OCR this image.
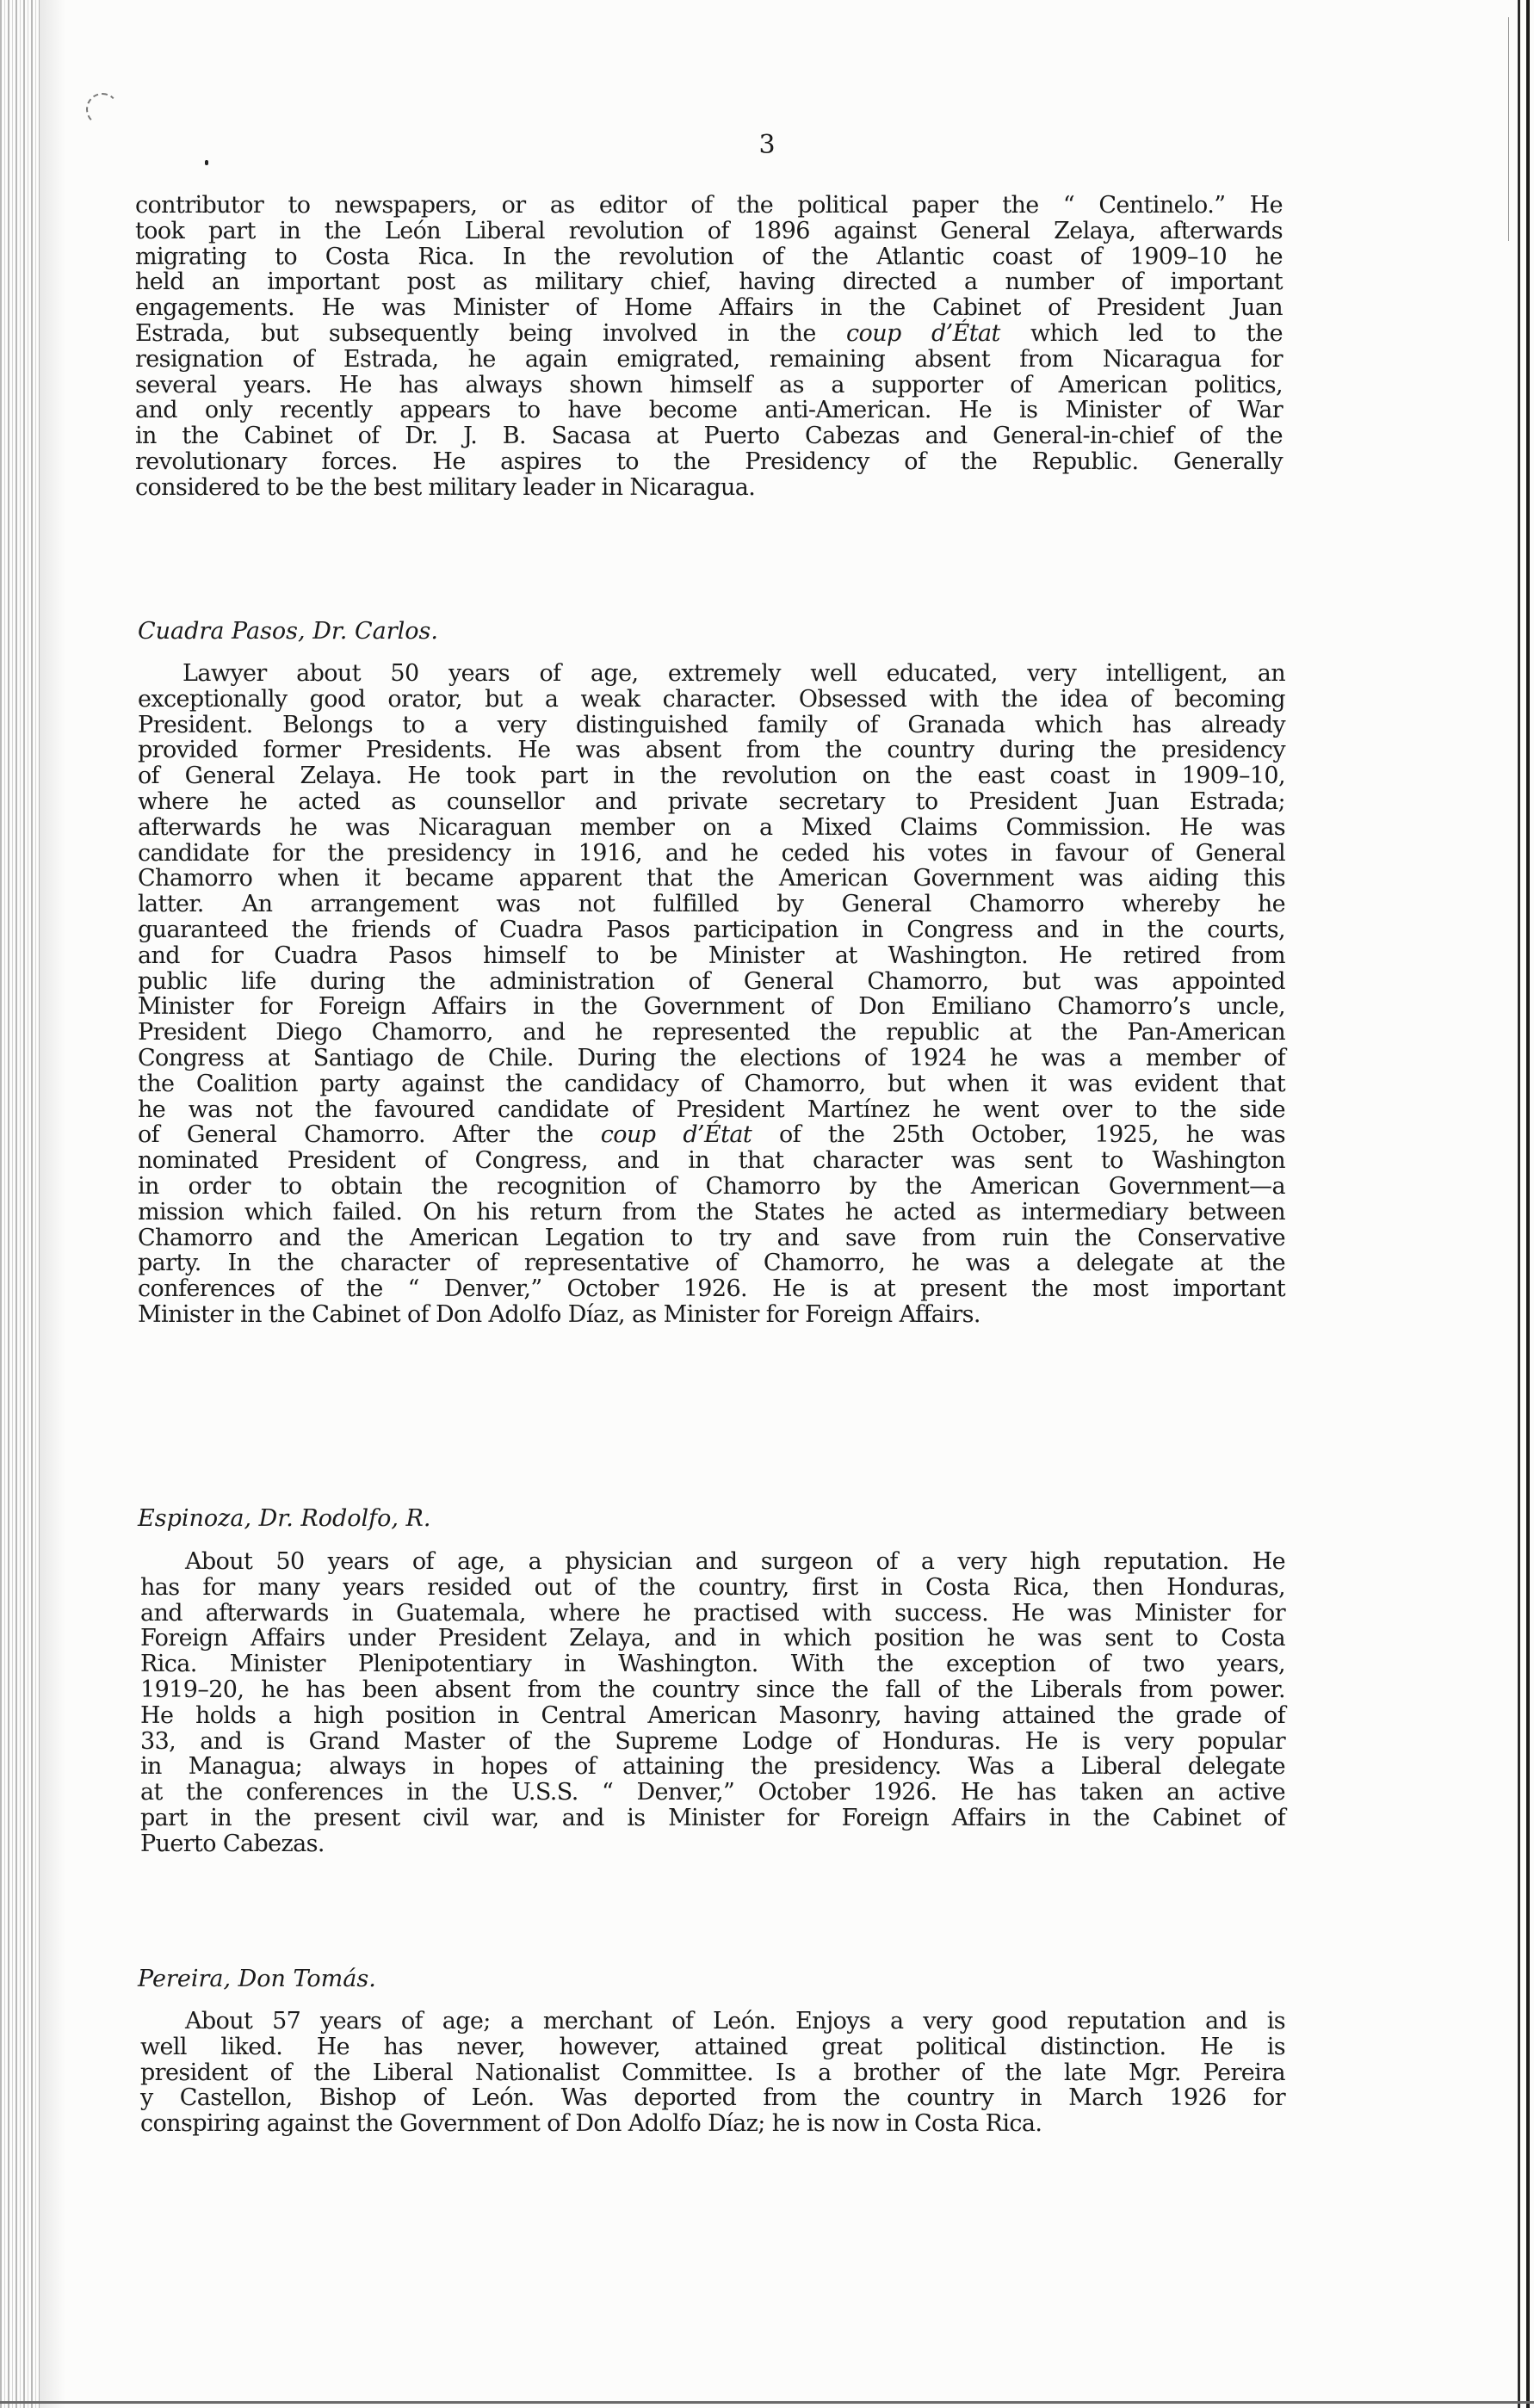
3
contributor to newspapers, or as editor of the political paper the “ Centinelo.” He
took part in the León Liberal revolution of 1896 against General Zelaya, afterwards
migrating to Costa Rica. In the revolution of the Atlantic coast of 1909–10 he
held an important post as military chief, having directed a number of important
engagements. He was Minister of Home Affairs in the Cabinet of President Juan
Estrada, but subsequently being involved in the coup d’État which led to the
resignation of Estrada, he again emigrated, remaining absent from Nicaragua for
several years. He has always shown himself as a supporter of American politics,
and only recently appears to have become anti-American. He is Minister of War
in the Cabinet of Dr. J. B. Sacasa at Puerto Cabezas and General-in-chief of the
revolutionary forces. He aspires to the Presidency of the Republic. Generally
considered to be the best military leader in Nicaragua.
Cuadra Pasos, Dr. Carlos.
Lawyer about 50 years of age, extremely well educated, very intelligent, an
exceptionally good orator, but a weak character. Obsessed with the idea of becoming
President. Belongs to a very distinguished family of Granada which has already
provided former Presidents. He was absent from the country during the presidency
of General Zelaya. He took part in the revolution on the east coast in 1909–10,
where he acted as counsellor and private secretary to President Juan Estrada;
afterwards he was Nicaraguan member on a Mixed Claims Commission. He was
candidate for the presidency in 1916, and he ceded his votes in favour of General
Chamorro when it became apparent that the American Government was aiding this
latter. An arrangement was not fulfilled by General Chamorro whereby he
guaranteed the friends of Cuadra Pasos participation in Congress and in the courts,
and for Cuadra Pasos himself to be Minister at Washington. He retired from
public life during the administration of General Chamorro, but was appointed
Minister for Foreign Affairs in the Government of Don Emiliano Chamorro’s uncle,
President Diego Chamorro, and he represented the republic at the Pan-American
Congress at Santiago de Chile. During the elections of 1924 he was a member of
the Coalition party against the candidacy of Chamorro, but when it was evident that
he was not the favoured candidate of President Martínez he went over to the side
of General Chamorro. After the coup d’État of the 25th October, 1925, he was
nominated President of Congress, and in that character was sent to Washington
in order to obtain the recognition of Chamorro by the American Government—a
mission which failed. On his return from the States he acted as intermediary between
Chamorro and the American Legation to try and save from ruin the Conservative
party. In the character of representative of Chamorro, he was a delegate at the
conferences of the “ Denver,” October 1926. He is at present the most important
Minister in the Cabinet of Don Adolfo Díaz, as Minister for Foreign Affairs.
Espinoza, Dr. Rodolfo, R.
About 50 years of age, a physician and surgeon of a very high reputation. He
has for many years resided out of the country, first in Costa Rica, then Honduras,
and afterwards in Guatemala, where he practised with success. He was Minister for
Foreign Affairs under President Zelaya, and in which position he was sent to Costa
Rica. Minister Plenipotentiary in Washington. With the exception of two years,
1919–20, he has been absent from the country since the fall of the Liberals from power.
He holds a high position in Central American Masonry, having attained the grade of
33, and is Grand Master of the Supreme Lodge of Honduras. He is very popular
in Managua; always in hopes of attaining the presidency. Was a Liberal delegate
at the conferences in the U.S.S. “ Denver,” October 1926. He has taken an active
part in the present civil war, and is Minister for Foreign Affairs in the Cabinet of
Puerto Cabezas.
Pereira, Don Tomás.
About 57 years of age; a merchant of León. Enjoys a very good reputation and is
well liked. He has never, however, attained great political distinction. He is
president of the Liberal Nationalist Committee. Is a brother of the late Mgr. Pereira
y Castellon, Bishop of León. Was deported from the country in March 1926 for
conspiring against the Government of Don Adolfo Díaz; he is now in Costa Rica.
